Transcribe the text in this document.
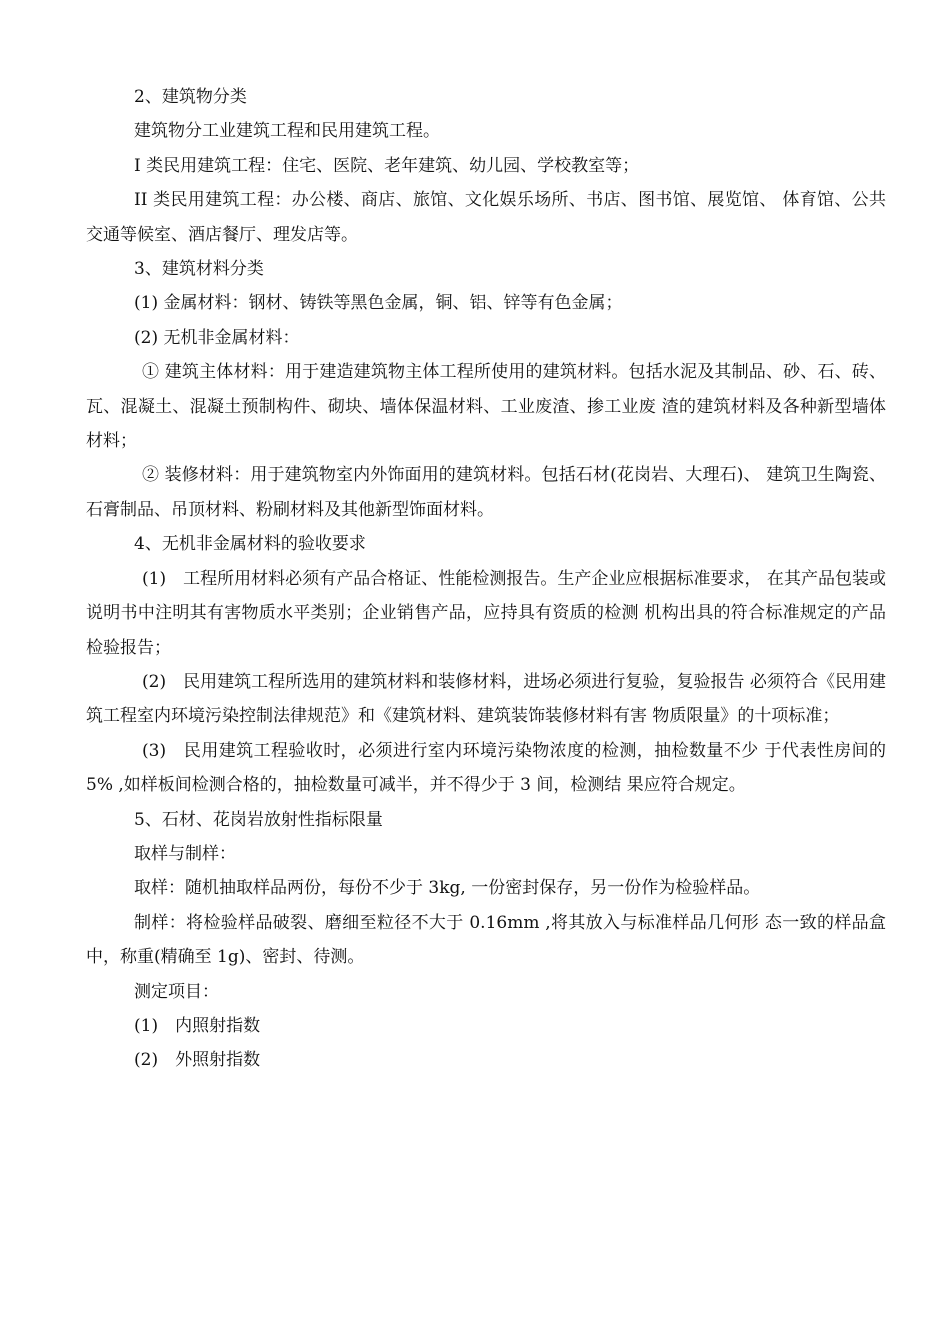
2、建筑物分类

建筑物分工业建筑工程和民用建筑工程。

I 类民用建筑工程：住宅、医院、老年建筑、幼儿园、学校教室等；

II 类民用建筑工程：办公楼、商店、旅馆、文化娱乐场所、书店、图书馆、展览馆、 体育馆、公共交通等候室、酒店餐厅、理发店等。

3、建筑材料分类

(1) 金属材料：钢材、铸铁等黑色金属，铜、铝、锌等有色金属；

(2) 无机非金属材料：

① 建筑主体材料：用于建造建筑物主体工程所使用的建筑材料。包括水泥及其制品、砂、石、砖、瓦、混凝土、混凝土预制构件、砌块、墙体保温材料、工业废渣、掺工业废 渣的建筑材料及各种新型墙体材料；

② 装修材料：用于建筑物室内外饰面用的建筑材料。包括石材(花岗岩、大理石)、 建筑卫生陶瓷、石膏制品、吊顶材料、粉刷材料及其他新型饰面材料。

4、无机非金属材料的验收要求

(1)　工程所用材料必须有产品合格证、性能检测报告。生产企业应根据标准要求， 在其产品包装或说明书中注明其有害物质水平类别；企业销售产品，应持具有资质的检测 机构出具的符合标准规定的产品检验报告；

(2)　民用建筑工程所选用的建筑材料和装修材料，进场必须进行复验，复验报告 必须符合《民用建筑工程室内环境污染控制法律规范》和《建筑材料、建筑装饰装修材料有害 物质限量》的十项标准；

(3)　民用建筑工程验收时，必须进行室内环境污染物浓度的检测，抽检数量不少 于代表性房间的 5% ,如样板间检测合格的，抽检数量可减半，并不得少于 3 间，检测结 果应符合规定。

5、石材、花岗岩放射性指标限量

取样与制样：

取样：随机抽取样品两份，每份不少于 3kg, 一份密封保存，另一份作为检验样品。

制样：将检验样品破裂、磨细至粒径不大于 0.16mm ,将其放入与标准样品几何形 态一致的样品盒中，称重(精确至 1g)、密封、待测。

测定项目：

(1)　内照射指数

(2)　外照射指数
